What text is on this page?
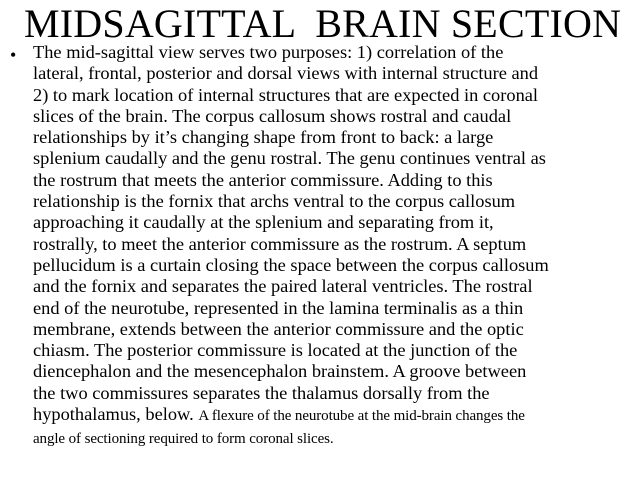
MIDSAGITTAL  BRAIN SECTION
• The mid-sagittal view serves two purposes: 1) correlation of the
lateral, frontal, posterior and dorsal views with internal structure and
2) to mark location of internal structures that are expected in coronal
slices of the brain. The corpus callosum shows rostral and caudal
relationships by it’s changing shape from front to back: a large
splenium caudally and the genu rostral. The genu continues ventral as
the rostrum that meets the anterior commissure. Adding to this
relationship is the fornix that archs ventral to the corpus callosum
approaching it caudally at the splenium and separating from it,
rostrally, to meet the anterior commissure as the rostrum. A septum
pellucidum is a curtain closing the space between the corpus callosum
and the fornix and separates the paired lateral ventricles. The rostral
end of the neurotube, represented in the lamina terminalis as a thin
membrane, extends between the anterior commissure and the optic
chiasm. The posterior commissure is located at the junction of the
diencephalon and the mesencephalon brainstem. A groove between
the two commissures separates the thalamus dorsally from the
hypothalamus, below. A flexure of the neurotube at the mid-brain changes the
angle of sectioning required to form coronal slices.
